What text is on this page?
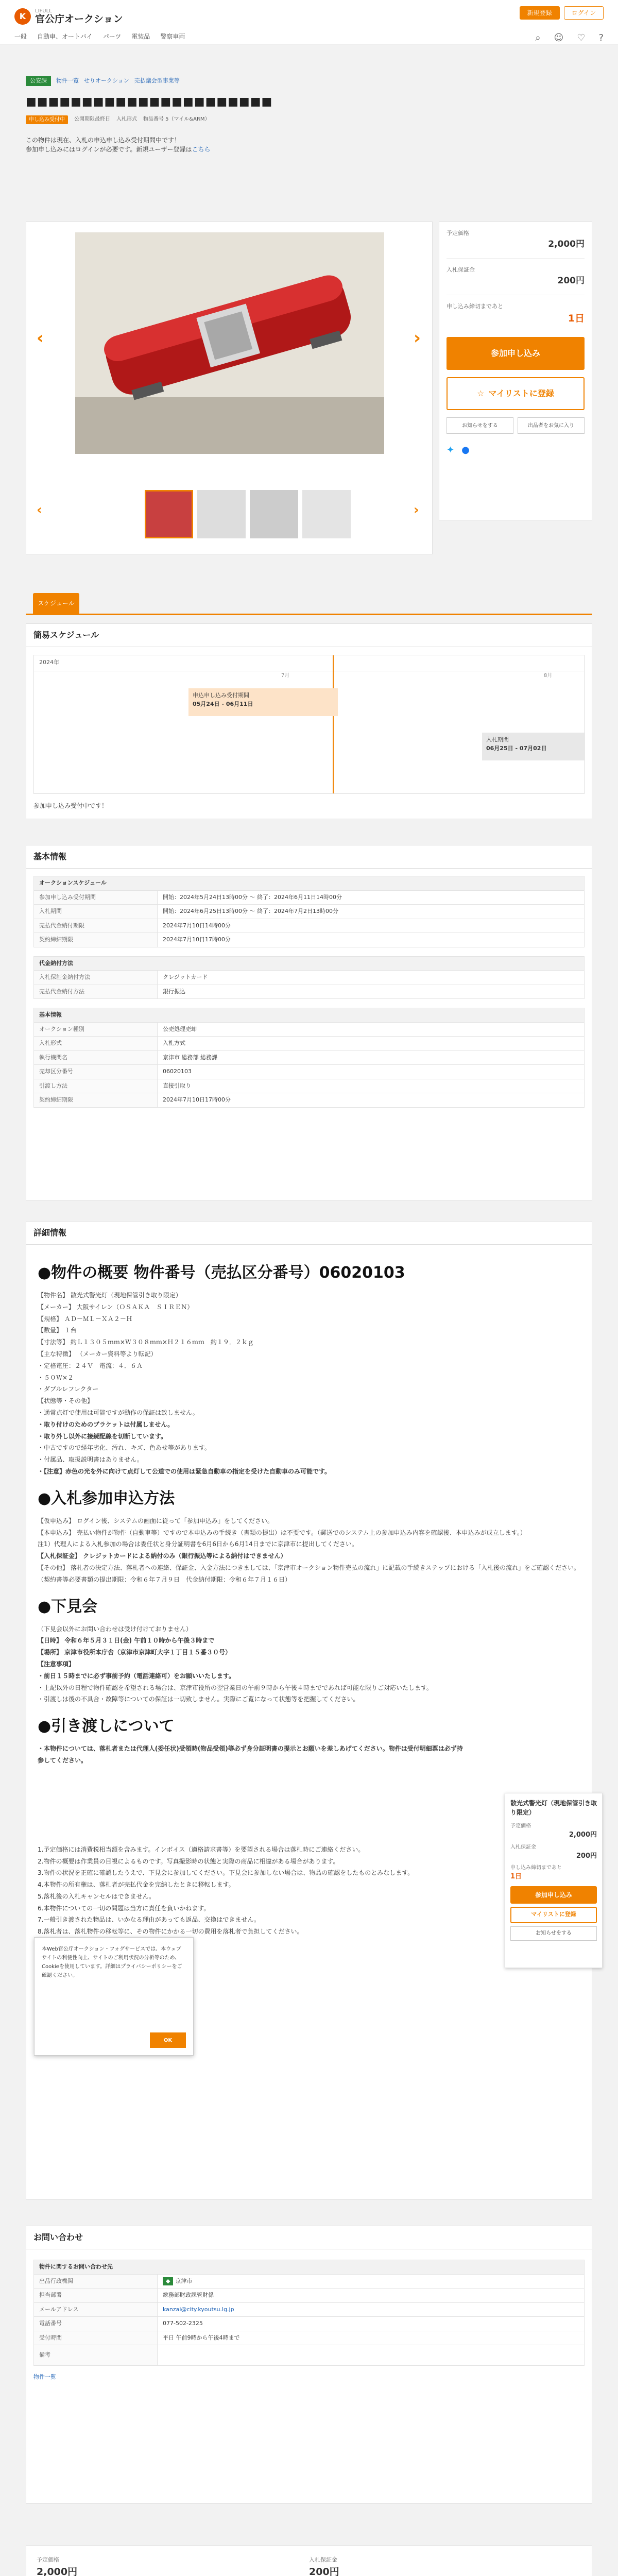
K
LIFULL
官公庁オークション
新規登録	ログイン
一般 自動車、オートバイ パーツ 電装品 警察車両	⌕ ☺ ♡ ?
公安課	物件一覧 せりオークション 売払議会型事業等
■■■■■■■■■■■■■■■■■■■■■■
申し込み受付中	公開期限最終日 入札形式 物品番号 5（マイル&ARM）
この物件は現在、入札の申込申し込み受付期間中です！
参加申し込みにはログインが必要です。新規ユーザー登録はこちら
‹	›
‹	›
予定価格
2,000円
入札保証金
200円
申し込み締切まであと
1日
参加申し込み
☆ マイリストに登録
お知らせをする	出品者をお気に入り
✦ ●
スケジュール
簡易スケジュール
2024年
7月	8月
申込申し込み受付期間
05月24日 - 06月11日
入札期間
06月25日 - 07月02日
参加申し込み受付中です！
基本情報
オークションスケジュール	
参加申し込み受付期間	開始：2024年5月24日13時00分 ～ 終了：2024年6月11日14時00分
入札期間	開始：2024年6月25日13時00分 ～ 終了：2024年7月2日13時00分
売払代金納付期限	2024年7月10日14時00分
契約締結期限	2024年7月10日17時00分

代金納付方法	
入札保証金納付方法	クレジットカード
売払代金納付方法	銀行振込

基本情報	
オークション種別	公売処理売却
入札形式	入札方式
執行機関名	京津市 総務部 総務課
売却区分番号	06020103
引渡し方法	直接引取り
契約締結期限	2024年7月10日17時00分
詳細情報
●物件の概要 物件番号（売払区分番号）06020103
【物件名】 散光式警光灯（現地保管引き取り限定）
【メーカー】 大阪サイレン（ＯＳＡＫＡ　ＳＩＲＥＮ）
【規格】 ＡＤ－ＭＬ－ＸＡ２－Ｈ
【数量】 １台
【寸法等】 約Ｌ１３０５ｍｍ×Ｗ３０８ｍｍ×Ｈ２１６ｍｍ　約１９．２ｋｇ
【主な特徴】 （メーカー資料等より転記）
・定格電圧：２４Ｖ　電流：４．６Ａ
・５０Ｗ×２
・ダブルレフレクター
【状態等・その他】
・通常点灯で使用は可能ですが動作の保証は致しません。
・取り付けのためのブラケットは付属しません。
・取り外し以外に接続配線を切断しています。
・中古ですので経年劣化、汚れ、キズ、色あせ等があります。
・付属品、取扱説明書はありません。
・【注意】赤色の光を外に向けて点灯して公道での使用は緊急自動車の指定を受けた自動車のみ可能です。
●入札参加申込方法
【仮申込み】 ログイン後、システムの画面に従って「参加申込み」をしてください。
【本申込み】 売払い物件が物件（自動車等）ですので本申込みの手続き（書類の提出）は不要です。（郵送でのシステム上の参加申込み内容を確認後、本申込みが成立します。）
注1）代理人による入札参加の場合は委任状と身分証明書を6月6日から6月14日までに京津市に提出してください。
【入札保証金】 クレジットカードによる納付のみ（銀行振込等による納付はできません）
【その他】 落札者の決定方法、落札者への連絡、保証金、入金方法につきましては、「京津市オークション物件売払の流れ」に記載の手続きステップにおける「入札後の流れ」をご確認ください。
（契約書等必要書類の提出期限：令和６年７月９日　代金納付期限：令和６年７月１６日）
●下見会
（下見会以外にお問い合わせは受け付けておりません）
【日時】 令和６年５月３１日(金) 午前１０時から午後３時まで
【場所】 京津市役所本庁舎（京津市京津町大字１丁目１５番３０号）
【注意事項】
・前日１５時までに必ず事前予約（電話連絡可）をお願いいたします。
・上記以外の日程で物件確認を希望される場合は、京津市役所の翌営業日の午前９時から午後４時までであれば可能な限りご対応いたします。
・引渡しは後の不具合・故障等についての保証は一切致しません。実際にご覧になって状態等を把握してください。
●引き渡しについて
・本物件については、落札者または代理人(委任状)受領時(物品受領)等必ず身分証明書の提示とお願いを差しあげてください。物件は受付明細票は必ず持参してください。
1.予定価格には消費税相当額を含みます。インボイス（適格請求書等）を要望される場合は落札時にご連絡ください。
2.物件の概要は作業員の目視によるものです。写真撮影時の状態と実際の商品に相違がある場合があります。
3.物件の状況を正確に確認したうえで、下見会に参加してください。下見会に参加しない場合は、物品の確認をしたものとみなします。
4.本物件の所有権は、落札者が売払代金を完納したときに移転します。
5.落札後の入札キャンセルはできません。
6.本物件についての一切の問題は当方に責任を負いかねます。
7.一般引き渡された物品は、いかなる理由があっても返品、交換はできません。
8.落札者は、落札物件の移転等に、その物件にかかる一切の費用を落札者で負担してください。
本Web官公庁オークション・フォグサービスでは、本ウェブサイトの利便性向上、サイトのご利用状況の分析等のため、Cookieを使用しています。詳細はプライバシーポリシーをご確認ください。
OK
散光式警光灯（現地保管引き取り限定）
予定価格
2,000円
入札保証金
200円
申し込み締切まであと
1日
参加申し込み
マイリストに登録
お知らせをする
お問い合わせ
物件に関するお問い合わせ先	
出品行政機関	◆ 京津市
担当部署	総務部財政課管財係
メールアドレス	kanzai@city.kyoutsu.lg.jp
電話番号	077-502-2325
受付時間	平日 午前9時から午後4時まで
備考	
物件一覧
予定価格
2,000円
入札保証金
200円
